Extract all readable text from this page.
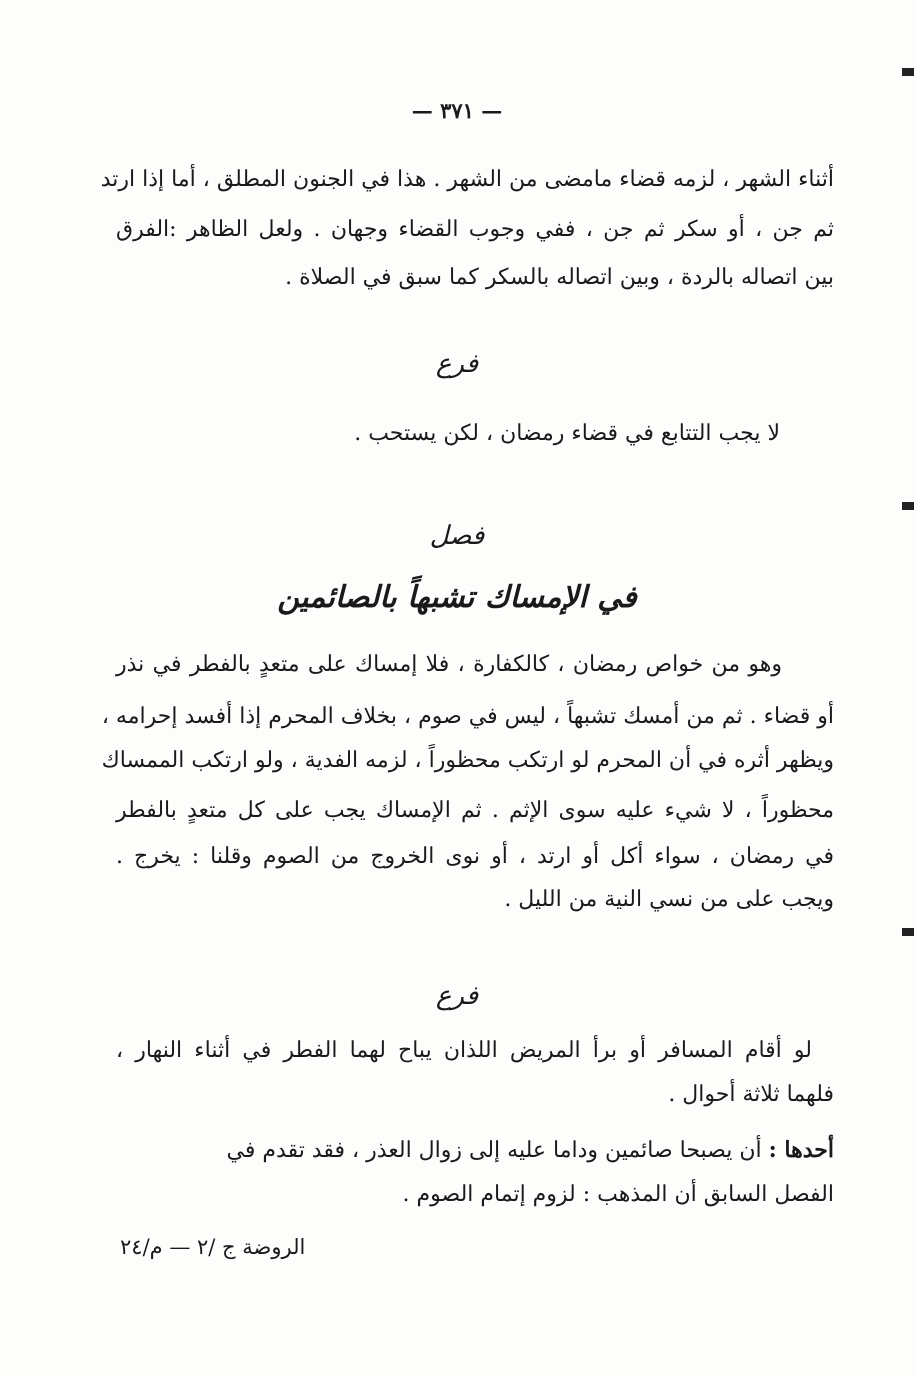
— ٣٧١ —
أثناء الشهر ، لزمه قضاء مامضى من الشهر . هذا في الجنون المطلق ، أما إذا ارتد
ثم جن ، أو سكر ثم جن ، ففي وجوب القضاء وجهان . ولعل الظاهر :الفرق
بين اتصاله بالردة ، وبين اتصاله بالسكر كما سبق في الصلاة .
فرع
لا يجب التتابع في قضاء رمضان ، لكن يستحب .
فصل
في الإمساك تشبهاً بالصائمين
وهو من خواص رمضان ، كالكفارة ، فلا إمساك على متعدٍ بالفطر في نذر
أو قضاء . ثم من أمسك تشبهاً ، ليس في صوم ، بخلاف المحرم إذا أفسد إحرامه ،
ويظهر أثره في أن المحرم لو ارتكب محظوراً ، لزمه الفدية ، ولو ارتكب الممساك
محظوراً ، لا شيء عليه سوى الإثم . ثم الإمساك يجب على كل متعدٍ بالفطر
في رمضان ، سواء أكل أو ارتد ، أو نوى الخروج من الصوم وقلنا : يخرج .
ويجب على من نسي النية من الليل .
فرع
لو أقام المسافر أو برأ المريض اللذان يباح لهما الفطر في أثناء النهار ،
فلهما ثلاثة أحوال .
أحدها : أن يصبحا صائمين وداما عليه إلى زوال العذر ، فقد تقدم في
الفصل السابق أن المذهب : لزوم إتمام الصوم .
الروضة ج /٢ — م/٢٤
